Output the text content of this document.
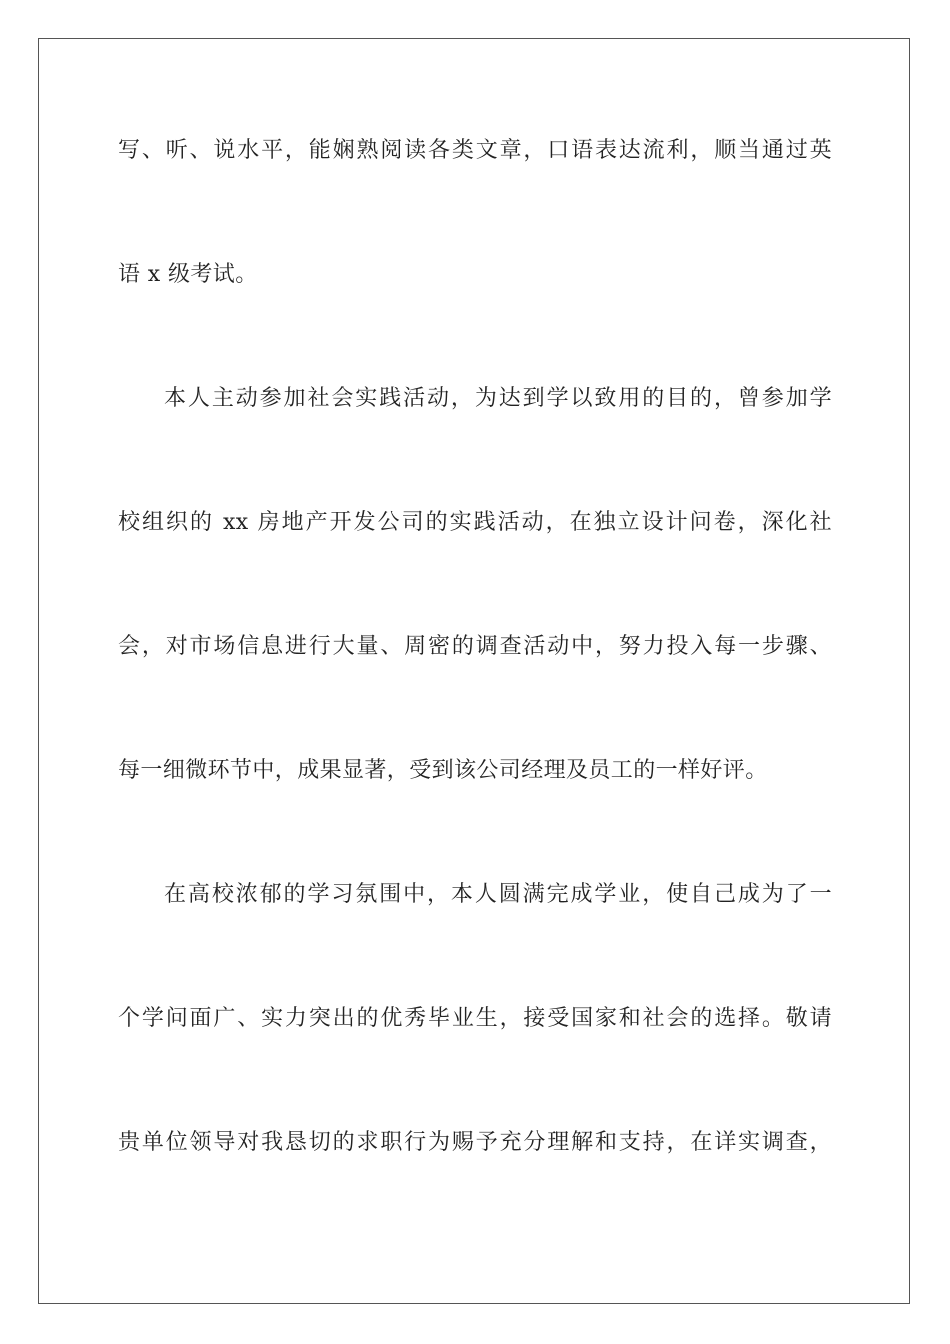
写、听、说水平，能娴熟阅读各类文章，口语表达流利，顺当通过英
语 x 级考试。
本人主动参加社会实践活动，为达到学以致用的目的，曾参加学
校组织的 xx 房地产开发公司的实践活动，在独立设计问卷，深化社
会，对市场信息进行大量、周密的调查活动中，努力投入每一步骤、
每一细微环节中，成果显著，受到该公司经理及员工的一样好评。
在高校浓郁的学习氛围中，本人圆满完成学业，使自己成为了一
个学问面广、实力突出的优秀毕业生，接受国家和社会的选择。敬请
贵单位领导对我恳切的求职行为赐予充分理解和支持，在详实调查，
